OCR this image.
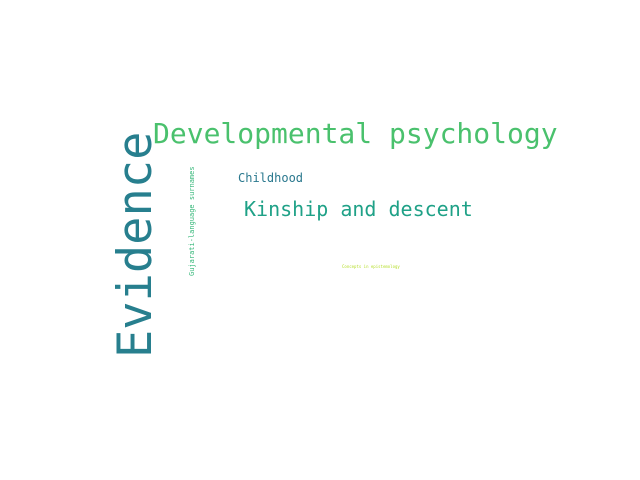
Evidence
Developmental psychology
Kinship and descent
Childhood
Gujarati-language surnames	Concepts in epistemology
